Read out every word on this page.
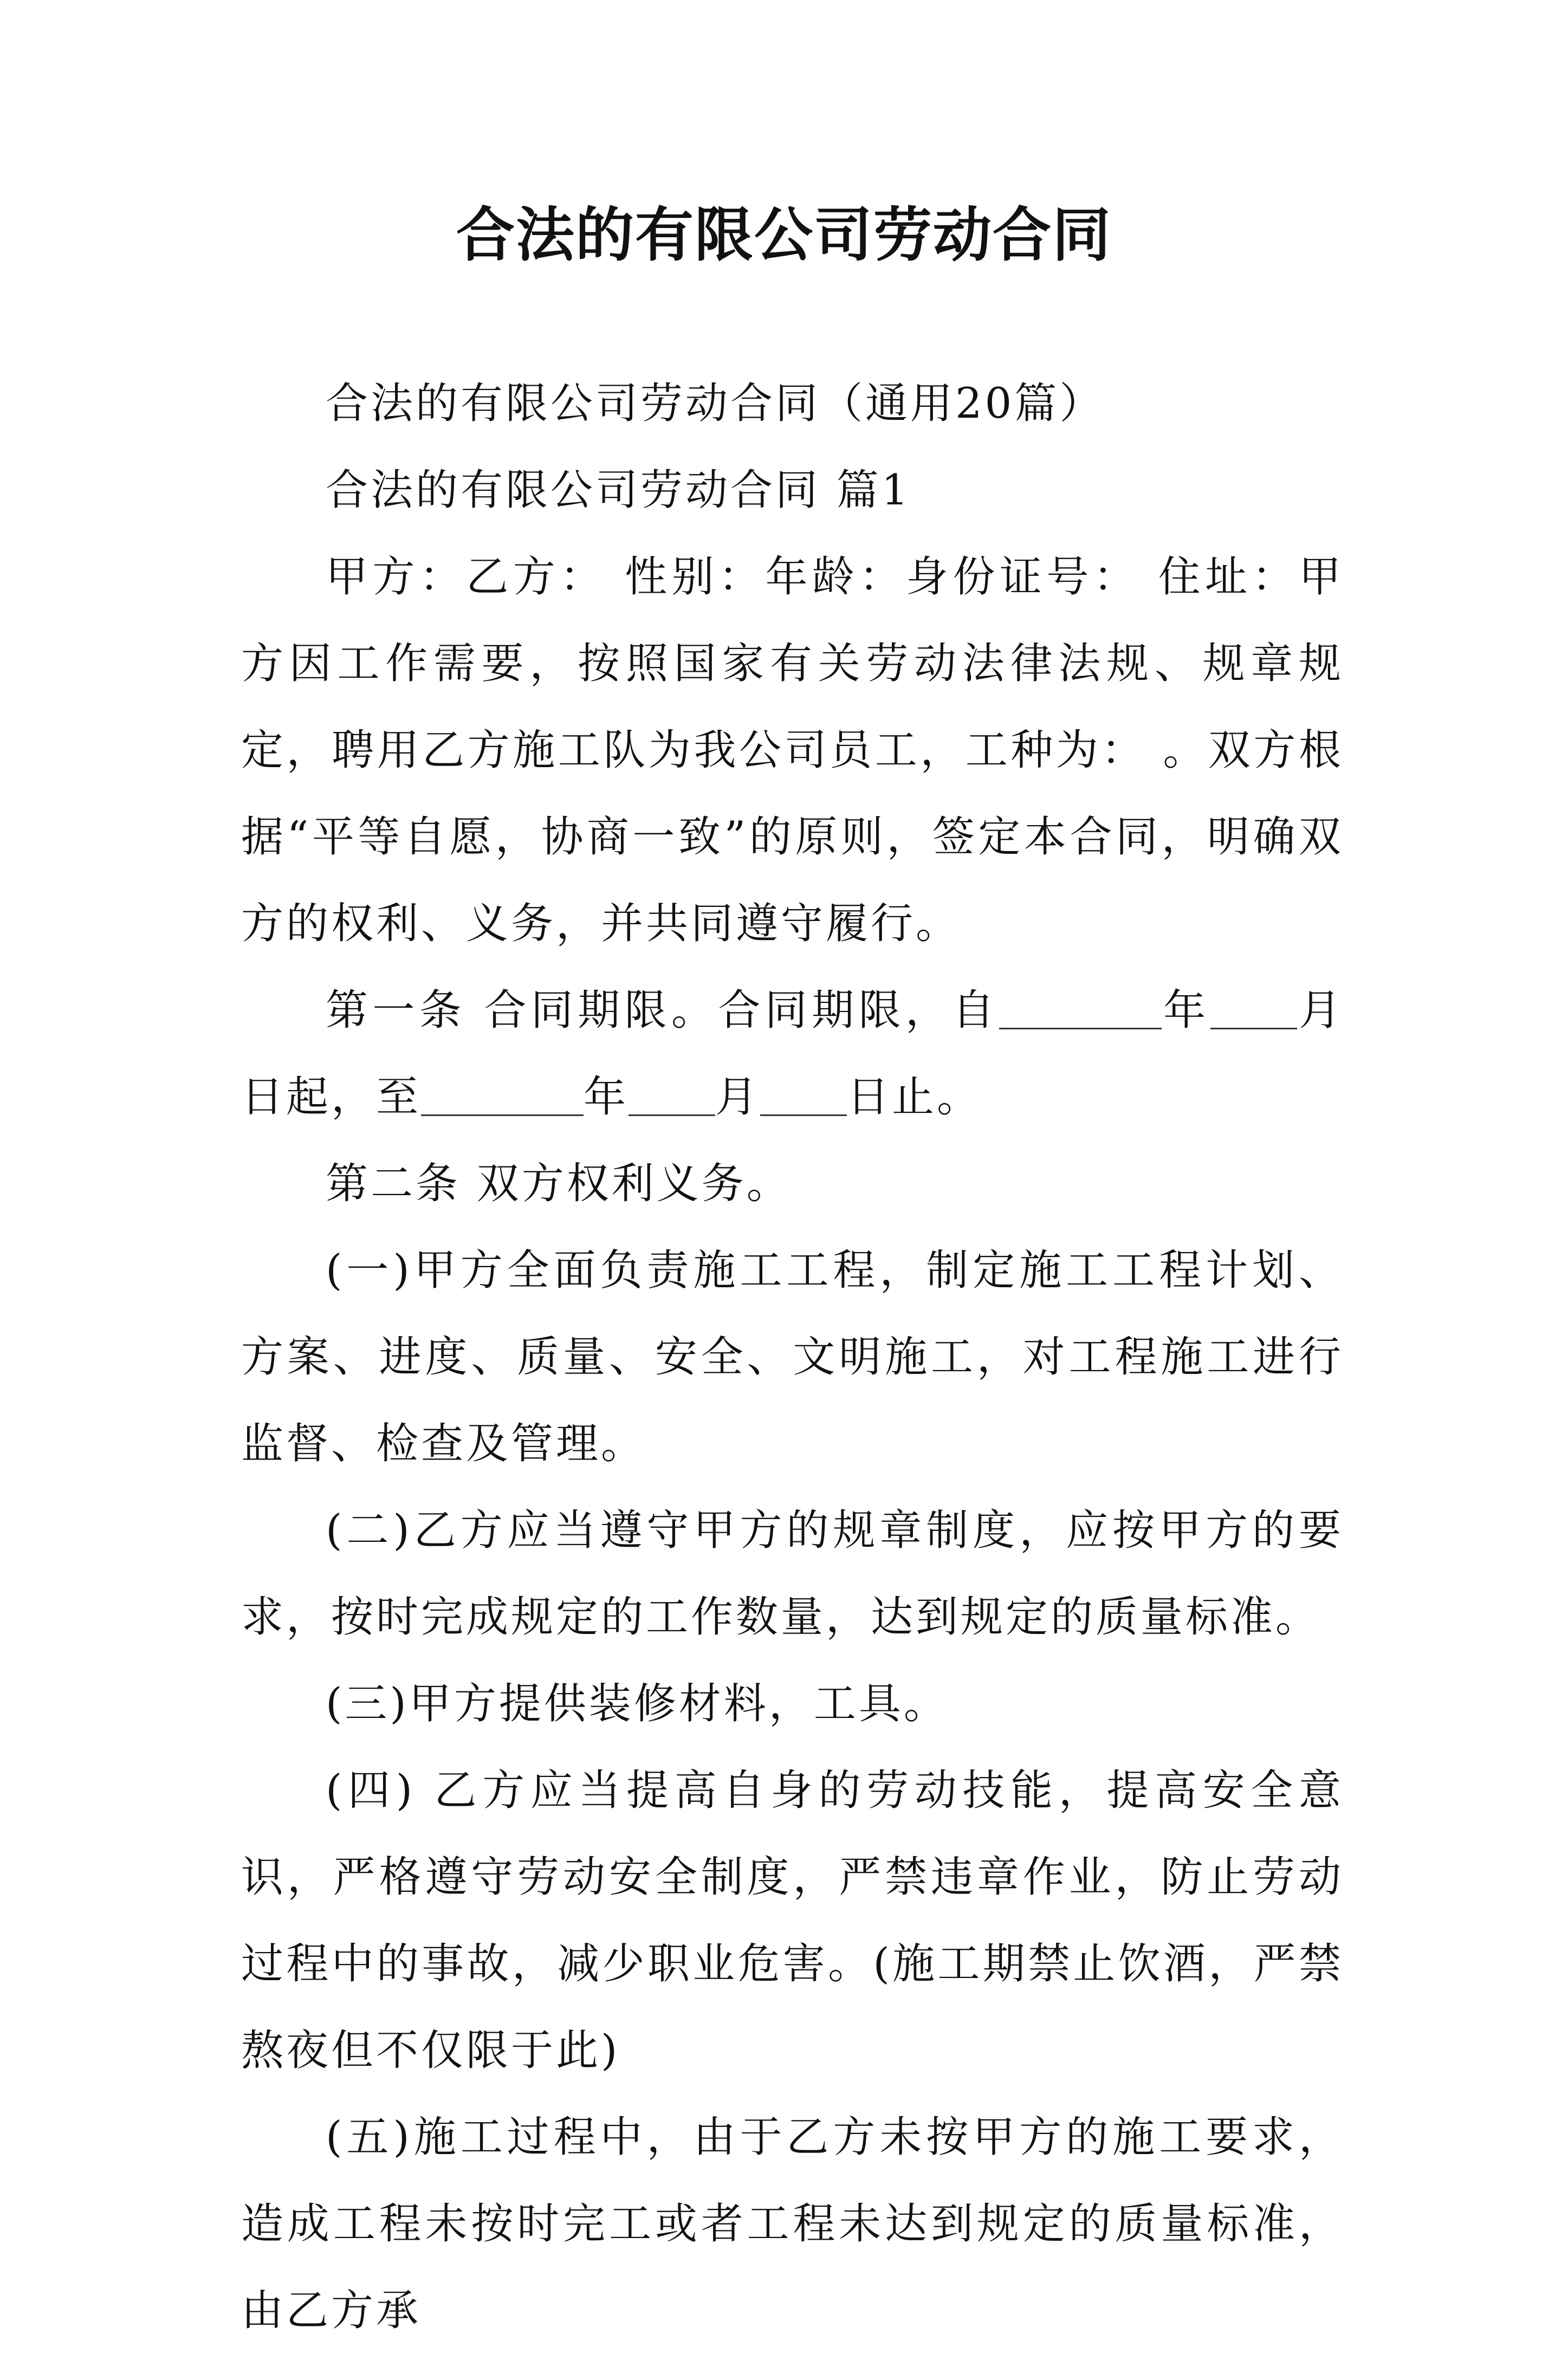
合法的有限公司劳动合同

合法的有限公司劳动合同（通用20篇）

合法的有限公司劳动合同 篇1

甲方：乙方： 性别：年龄：身份证号： 住址：甲方因工作需要，按照国家有关劳动法律法规、规章规定，聘用乙方施工队为我公司员工，工种为： 。双方根据“平等自愿，协商一致”的原则，签定本合同，明确双方的权利、义务，并共同遵守履行。

第一条 合同期限。合同期限，自	年 月日起，至	年 月 日止。

第二条 双方权利义务。

(一)甲方全面负责施工工程，制定施工工程计划、方案、进度、质量、安全、文明施工，对工程施工进行监督、检查及管理。

(二)乙方应当遵守甲方的规章制度，应按甲方的要求，按时完成规定的工作数量，达到规定的质量标准。

(三)甲方提供装修材料，工具。

(四) 乙方应当提高自身的劳动技能，提高安全意识，严格遵守劳动安全制度，严禁违章作业，防止劳动过程中的事故，减少职业危害。(施工期禁止饮酒，严禁熬夜但不仅限于此)

(五)施工过程中，由于乙方未按甲方的施工要求，造成工程未按时完工或者工程未达到规定的质量标准，由乙方承
